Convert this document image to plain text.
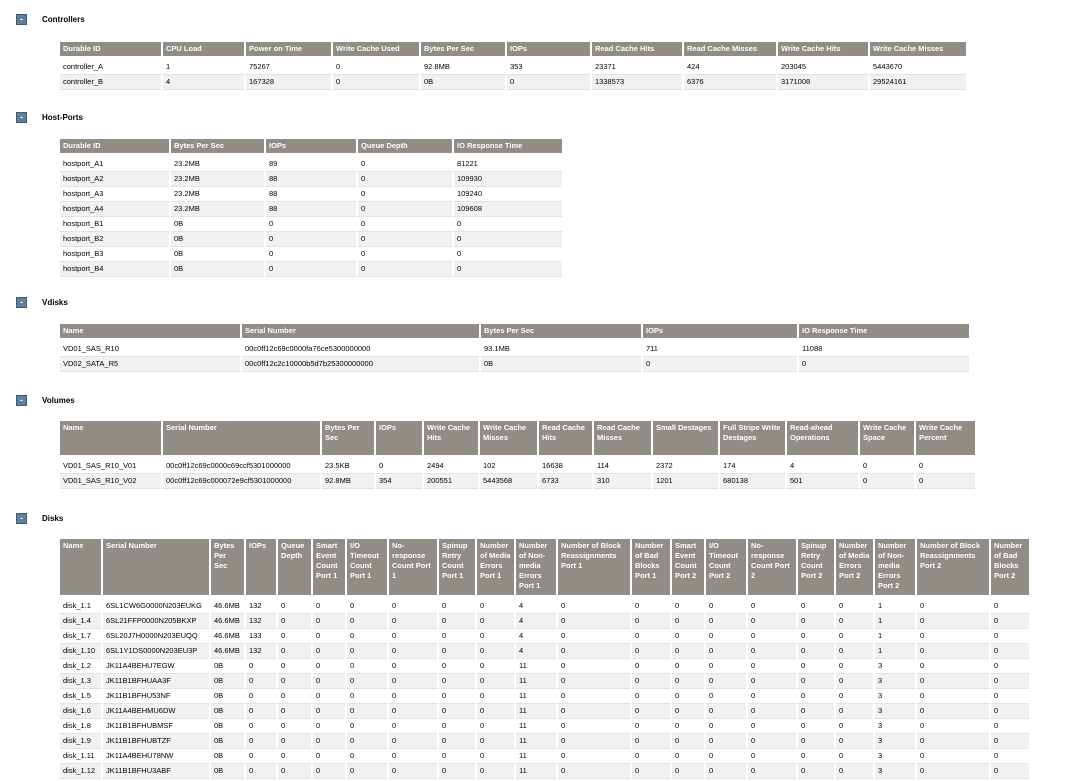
-	Controllers
Durable ID	CPU Load	Power on Time	Write Cache Used	Bytes Per Sec	IOPs	Read Cache Hits	Read Cache Misses	Write Cache Hits	Write Cache Misses

controller_A	1	75267	0	92.8MB	353	23371	424	203045	5443670
controller_B	4	167328	0	0B	0	1338573	6376	3171008	29524161
-	Host-Ports
Durable ID	Bytes Per Sec	IOPs	Queue Depth	IO Response Time

hostport_A1	23.2MB	89	0	81221
hostport_A2	23.2MB	88	0	109930
hostport_A3	23.2MB	88	0	109240
hostport_A4	23.2MB	88	0	109608
hostport_B1	0B	0	0	0
hostport_B2	0B	0	0	0
hostport_B3	0B	0	0	0
hostport_B4	0B	0	0	0
-	Vdisks
Name	Serial Number	Bytes Per Sec	IOPs	IO Response Time

VD01_SAS_R10	00c0ff12c69c0000fa76ce5300000000	93.1MB	711	11088
VD02_SATA_R5	00c0ff12c2c10000b5d7b25300000000	0B	0	0
-	Volumes
Name	Serial Number	Bytes Per Sec	IOPs	Write Cache Hits	Write Cache Misses	Read Cache Hits	Read Cache Misses	Small Destages	Full Stripe Write Destages	Read-ahead Operations	Write Cache Space	Write Cache Percent

VD01_SAS_R10_V01	00c0ff12c69c0000c69ccf5301000000	23.5KB	0	2494	102	16638	114	2372	174	4	0	0
VD01_SAS_R10_V02	00c0ff12c69c000072e9cf5301000000	92.8MB	354	200551	5443568	6733	310	1201	680138	501	0	0
-	Disks
Name	Serial Number	Bytes Per Sec	IOPs	Queue Depth	Smart Event Count Port 1	I/O Timeout Count Port 1	No-response Count Port 1	Spinup Retry Count Port 1	Number of Media Errors Port 1	Number of Non-media Errors Port 1	Number of Block Reassignments Port 1	Number of Bad Blocks Port 1	Smart Event Count Port 2	I/O Timeout Count Port 2	No-response Count Port 2	Spinup Retry Count Port 2	Number of Media Errors Port 2	Number of Non-media Errors Port 2	Number of Block Reassignments Port 2	Number of Bad Blocks Port 2

disk_1.1	6SL1CW6G0000N203EUKG	46.6MB	132	0	0	0	0	0	0	4	0	0	0	0	0	0	0	1	0	0
disk_1.4	6SL21FFP0000N205BKXP	46.6MB	132	0	0	0	0	0	0	4	0	0	0	0	0	0	0	1	0	0
disk_1.7	6SL20J7H0000N203EUQQ	46.6MB	133	0	0	0	0	0	0	4	0	0	0	0	0	0	0	1	0	0
disk_1.10	6SL1Y1DS0000N203EU3P	46.6MB	132	0	0	0	0	0	0	4	0	0	0	0	0	0	0	1	0	0
disk_1.2	JK11A4BEHU7EGW	0B	0	0	0	0	0	0	0	11	0	0	0	0	0	0	0	3	0	0
disk_1.3	JK11B1BFHUAA3F	0B	0	0	0	0	0	0	0	11	0	0	0	0	0	0	0	3	0	0
disk_1.5	JK11B1BFHU53NF	0B	0	0	0	0	0	0	0	11	0	0	0	0	0	0	0	3	0	0
disk_1.6	JK11A4BEHMU6DW	0B	0	0	0	0	0	0	0	11	0	0	0	0	0	0	0	3	0	0
disk_1.8	JK11B1BFHUBMSF	0B	0	0	0	0	0	0	0	11	0	0	0	0	0	0	0	3	0	0
disk_1.9	JK11B1BFHUBTZF	0B	0	0	0	0	0	0	0	11	0	0	0	0	0	0	0	3	0	0
disk_1.11	JK11A4BEHU78NW	0B	0	0	0	0	0	0	0	11	0	0	0	0	0	0	0	3	0	0
disk_1.12	JK11B1BFHU3ABF	0B	0	0	0	0	0	0	0	11	0	0	0	0	0	0	0	3	0	0
